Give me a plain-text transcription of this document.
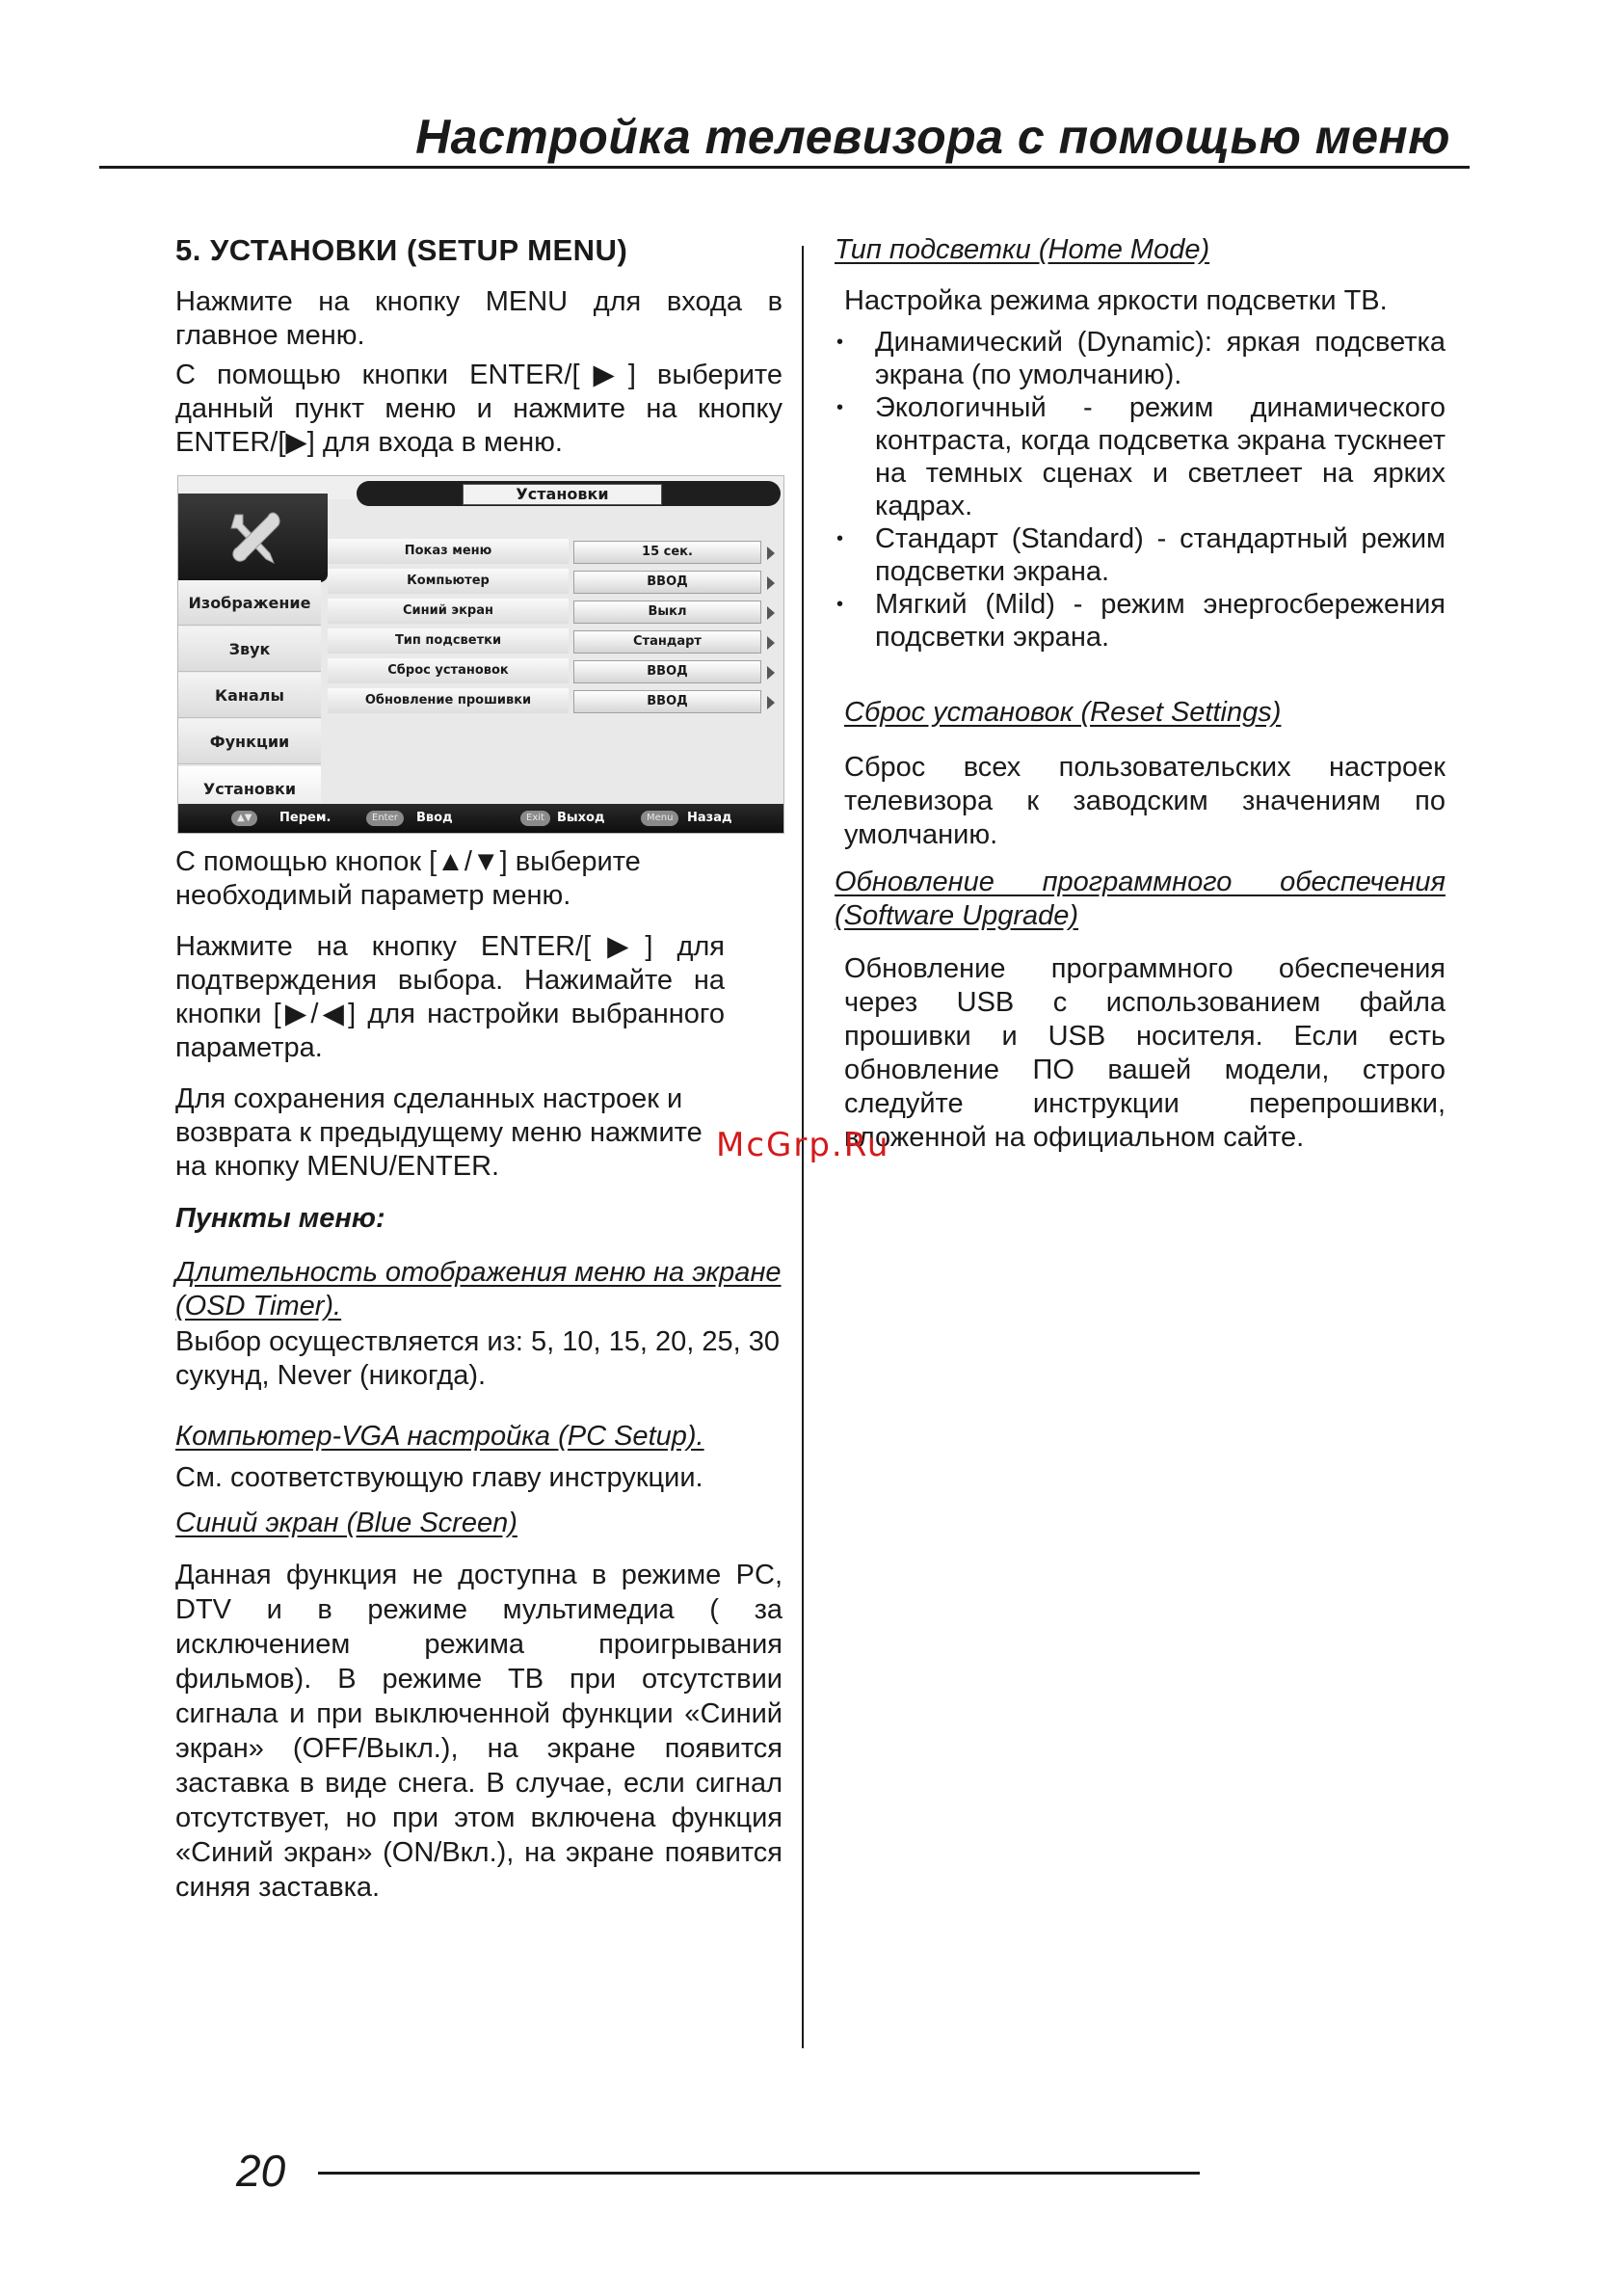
Настройка телевизора с помощью меню
5. УСТАНОВКИ (SETUP MENU)

Нажмите на кнопку MENU для входа в главное меню.

С помощью кнопки ENTER/[▶] выберите данный пункт меню и нажмите на кнопку ENTER/[▶] для входа в меню.

Установки
Изображение
Звук
Каналы
Функции
Установки
Показ меню	15 сек.
Компьютер	ВВОД
Синий экран	Выкл
Тип подсветки	Стандарт
Сброс установок	ВВОД
Обновление прошивки	ВВОД
▲▼	Перем.	Enter	Ввод	Exit	Выход	Menu	Назад

С помощью кнопок [▲/▼] выберите необходимый параметр меню.

Нажмите на кнопку ENTER/[▶] для подтверждения выбора. Нажимайте на кнопки [▶/◀] для настройки выбранного параметра.

Для сохранения сделанных настроек и возврата к предыдущему меню нажмите на кнопку MENU/ENTER.

Пункты меню:
Длительность отображения меню на экране (OSD Timer).

Выбор осуществляется из: 5, 10, 15, 20, 25, 30 сукунд, Never (никогда).

Компьютер-VGA настройка (PC Setup).

См. соответствующую главу инструкции.

Синий экран (Blue Screen)

Данная функция не доступна в режиме PC, DTV и в режиме мультимедиа ( за исключением режима проигрывания фильмов). В режиме ТВ при отсутствии сигнала и при выключенной функции «Синий экран» (OFF/Выкл.), на экране появится заставка в виде снега. В случае, если сигнал отсутствует, но при этом включена функция «Синий экран» (ON/Вкл.), на экране появится синяя заставка.

Тип подсветки (Home Mode)

Настройка режима яркости подсветки ТВ.

• Динамический (Dynamic): яркая подсветка экрана (по умолчанию).
• Экологичный - режим динамического контраста, когда подсветка экрана тускнеет на темных сценах и светлеет на ярких кадрах.
• Стандарт (Standard) - стандартный режим подсветки экрана.
• Мягкий (Mild) - режим энергосбережения подсветки экрана.
Сброс установок (Reset Settings)

Сброс всех пользовательских настроек телевизора к заводским значениям по умолчанию.

Обновление программного обеспечения (Software Upgrade)

Обновление программного обеспечения через USB с использованием файла прошивки и USB носителя. Если есть обновление ПО вашей модели, строго следуйте инструкции перепрошивки, вложенной на официальном сайте.

McGrp.Ru
20
